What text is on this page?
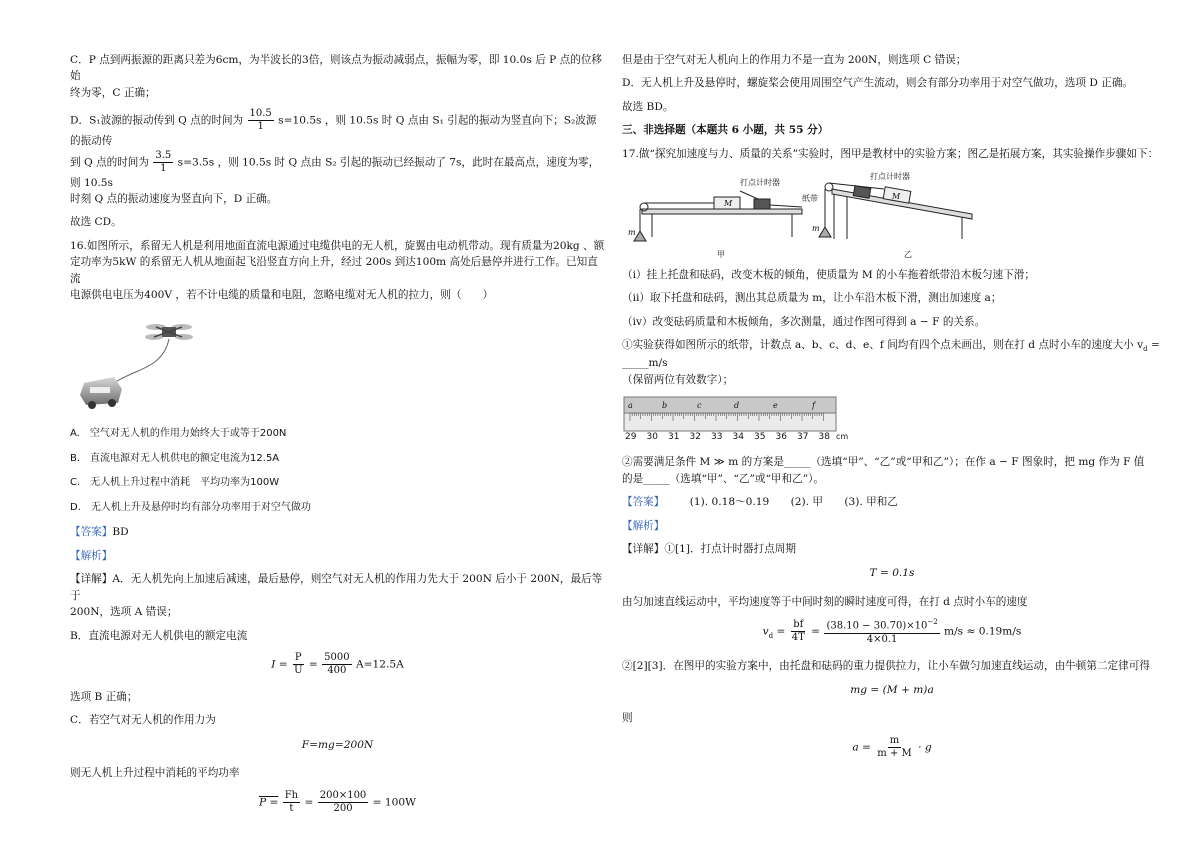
C．P 点到两振源的距离只差为6cm，为半波长的3倍，则该点为振动减弱点，振幅为零，即 10.0s 后 P 点的位移始
终为零，C 正确；

D．S₁波源的振动传到 Q 点的时间为 $\frac{10.5}{1} s=10.5s$ ，则 10.5s 时 Q 点由 S₁ 引起的振动为竖直向下；S₂波源的振动传
到 Q 点的时间为 $\frac{3.5}{1} s=3.5s$ ，则 10.5s 时 Q 点由 S₂ 引起的振动已经振动了 7s，此时在最高点，速度为零，则 10.5s
时刻 Q 点的振动速度为竖直向下，D 正确。

故选 CD。

16.如图所示，系留无人机是利用地面直流电源通过电缆供电的无人机，旋翼由电动机带动。现有质量为20kg 、额
定功率为5kW 的系留无人机从地面起飞沿竖直方向上升，经过 200s 到达100m 高处后悬停并进行工作。已知直流
电源供电电压为400V ，若不计电缆的质量和电阻，忽略电缆对无人机的拉力，则（　　）

A.　空气对无人机的作用力始终大于或等于200N

B.　直流电源对无人机供电的额定电流为12.5A

C.　无人机上升过程中消耗　平均功率为100W

D.　无人机上升及悬停时均有部分功率用于对空气做功

【答案】BD

【解析】

【详解】A．无人机先向上加速后减速，最后悬停，则空气对无人机的作用力先大于 200N 后小于 200N，最后等于
200N，选项 A 错误；

B．直流电源对无人机供电的额定电流

$I = \frac{P}{U} = \frac{5000}{400} A=12.5A$

选项 B 正确；

C．若空气对无人机的作用力为

F=mg=200N

则无人机上升过程中消耗的平均功率

$P = \frac{Fh}{t} = \frac{200\times 100}{200} = 100W$

但是由于空气对无人机向上的作用力不是一直为 200N，则选项 C 错误；

D．无人机上升及悬停时，螺旋桨会使用周围空气产生流动，则会有部分功率用于对空气做功，选项 D 正确。

故选 BD。

三、非选择题（本题共 6 小题，共 55 分）

17.做“探究加速度与力、质量的关系”实验时，图甲是教材中的实验方案；图乙是拓展方案，其实验操作步骤如下：

打点计时器
M
纸带
m
甲
打点计时器
M
m
乙

（ⅰ）挂上托盘和砝码，改变木板的倾角，使质量为 M 的小车拖着纸带沿木板匀速下滑；

（ⅱ）取下托盘和砝码，测出其总质量为 m，让小车沿木板下滑，测出加速度 a；

（ⅳ）改变砝码质量和木板倾角，多次测量，通过作图可得到 a − F 的关系。

①实验获得如图所示的纸带，计数点 a、b、c、d、e、f 间均有四个点未画出，则在打 d 点时小车的速度大小 $v_d$ = _____m/s
（保留两位有效数字）；

a	b	c	d	e	f
29 30 31 32 33 34 35 36 37 38 cm

②需要满足条件 M ≫ m 的方案是_____（选填“甲”、“乙”或“甲和乙”）；在作 a − F 图象时，把 mg 作为 F 值
的是_____（选填“甲”、“乙”或“甲和乙”）。

【答案】 (1). 0.18～0.19 (2). 甲 (3). 甲和乙

【解析】

【详解】①[1]．打点计时器打点周期

T = 0.1s

由匀加速直线运动中，平均速度等于中间时刻的瞬时速度可得，在打 d 点时小车的速度

$v_d = \frac{bf}{4T} = \frac{(38.10 - 30.70)\times 10^{-2}}{4\times 0.1} m/s \approx 0.19m/s$

②[2][3]．在图甲的实验方案中，由托盘和砝码的重力提供拉力，让小车做匀加速直线运动，由牛顿第二定律可得

mg = (M + m)a

则

$a = \frac{m}{m + M} \cdot g$
